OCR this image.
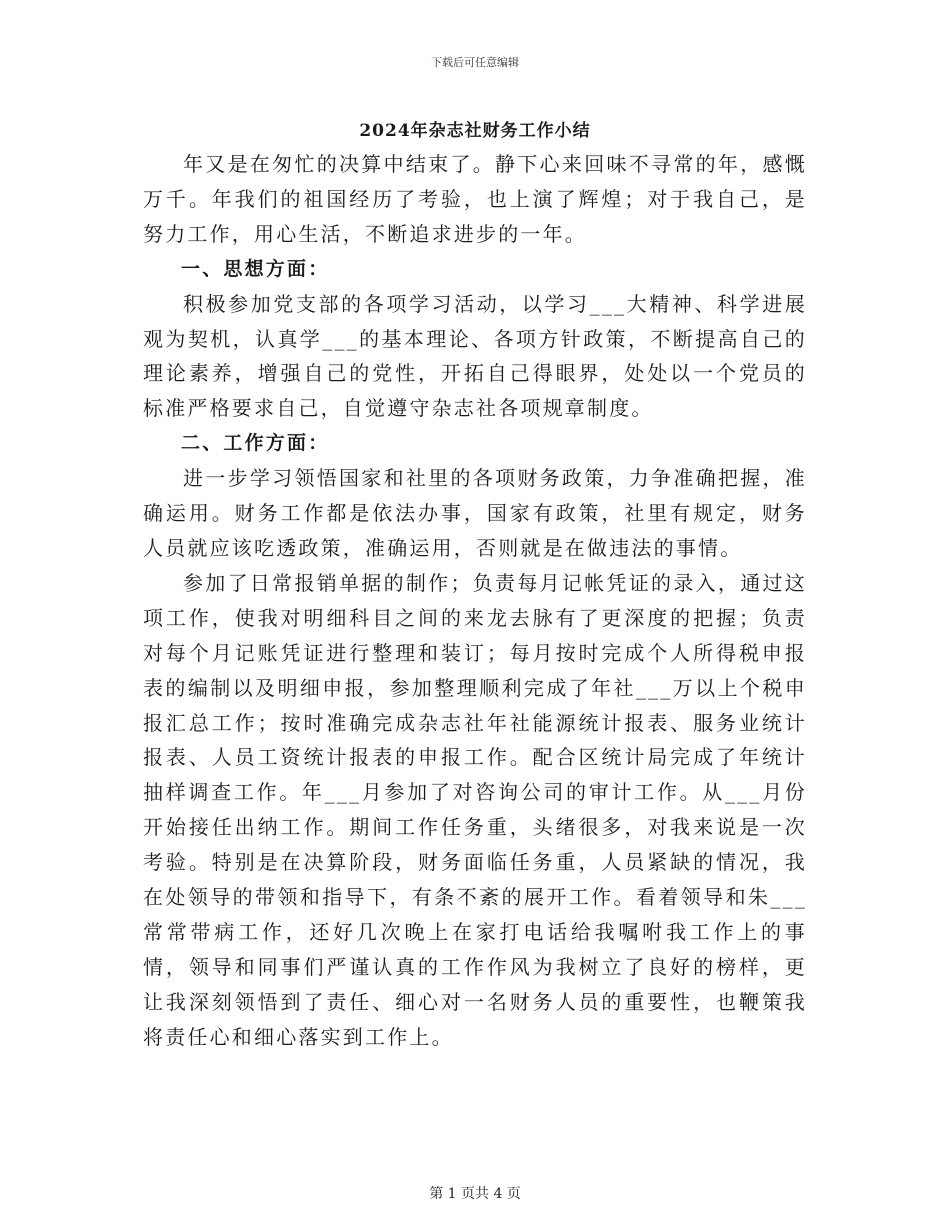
下载后可任意编辑
2024年杂志社财务工作小结

年又是在匆忙的决算中结束了。静下心来回味不寻常的年，感慨万千。年我们的祖国经历了考验，也上演了辉煌；对于我自己，是努力工作，用心生活，不断追求进步的一年。

一、思想方面：

积极参加党支部的各项学习活动，以学习___大精神、科学进展观为契机，认真学___的基本理论、各项方针政策，不断提高自己的理论素养，增强自己的党性，开拓自己得眼界，处处以一个党员的标准严格要求自己，自觉遵守杂志社各项规章制度。

二、工作方面：

进一步学习领悟国家和社里的各项财务政策，力争准确把握，准确运用。财务工作都是依法办事，国家有政策，社里有规定，财务人员就应该吃透政策，准确运用，否则就是在做违法的事情。

参加了日常报销单据的制作；负责每月记帐凭证的录入，通过这项工作，使我对明细科目之间的来龙去脉有了更深度的把握；负责对每个月记账凭证进行整理和装订；每月按时完成个人所得税申报表的编制以及明细申报，参加整理顺利完成了年社___万以上个税申报汇总工作；按时准确完成杂志社年社能源统计报表、服务业统计报表、人员工资统计报表的申报工作。配合区统计局完成了年统计抽样调查工作。年___月参加了对咨询公司的审计工作。从___月份开始接任出纳工作。期间工作任务重，头绪很多，对我来说是一次考验。特别是在决算阶段，财务面临任务重，人员紧缺的情况，我在处领导的带领和指导下，有条不紊的展开工作。看着领导和朱___常常带病工作，还好几次晚上在家打电话给我嘱咐我工作上的事情，领导和同事们严谨认真的工作作风为我树立了良好的榜样，更让我深刻领悟到了责任、细心对一名财务人员的重要性，也鞭策我将责任心和细心落实到工作上。

第 1 页共 4 页
